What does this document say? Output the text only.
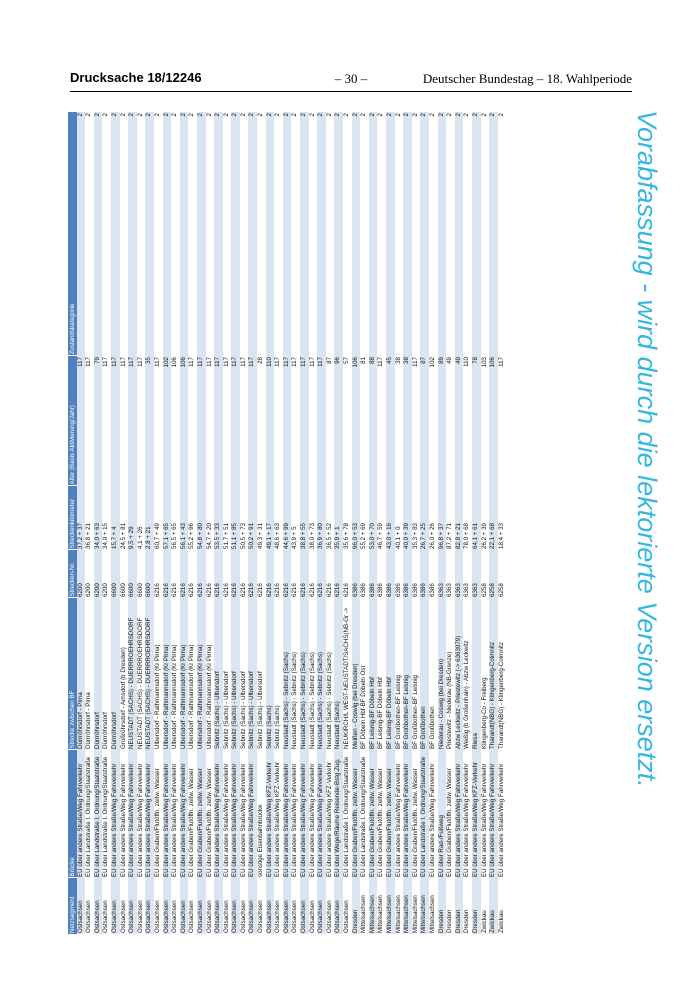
Drucksache 18/12246	– 30 –	Deutscher Bundestag – 18. Wahlperiode
Netzsegment	Brücke	Strecke zwischen BF	Strecken-Nr.	Streckenkilometer	Alter (Basis Aktivierung/Jahr)	Zustandskategorie
Ostsachsen	EÜ über andere Straße/Weg Fahrverkehr	Dürrröhrsdorf - Pirna	6200	37,2 + 37	117	2
Ostsachsen	EÜ über Landstraße I. Ordnung/Staatstraße	Dürrröhrsdorf - Pirna	6200	36,8 + 21	117	2
Ostsachsen	EÜ über Landstraße I. Ordnung/Staatstraße	Dürrröhrsdorf	6200	34,0 + 63	79	2
Ostsachsen	EÜ über Landstraße I. Ordnung/Staatstraße	Dürrröhrsdorf	6200	34,0 + 15	117	2
Ostsachsen	EÜ über andere Straße/Weg Fahrverkehr	Dürrröhrsdorf	6600	15,7 + 4	117	2
Ostsachsen	EÜ über andere Straße/Weg Fahrverkehr	Großröhrsdorf - Arnsdorf (b Dresden)	6600	24,5 + 81	117	2
Ostsachsen	EÜ über andere Straße/Weg Fahrverkehr	NEUSTADT (SACHS) - DUERRROEHRSDORF	6600	9,5 + 29	117	2
Ostsachsen	EÜ über andere Straße/Weg Fahrverkehr	NEUSTADT (SACHS) - DUERRROEHRSDORF	6600	4,1 + 26	117	2
Ostsachsen	EÜ über andere Straße/Weg Fahrverkehr	NEUSTADT (SACHS) - DUERRROEHRSDORF	6600	2,8 + 21	35	2
Ostsachsen	EÜ über Graben/Flutöffn. zeitw. Wasser	Ulbersdorf - Rathmannsdorf (Kr Pirna)	6216	60,7 + 49	117	2
Ostsachsen	EÜ über andere Straße/Weg Fahrverkehr	Ulbersdorf - Rathmannsdorf (Kr Pirna)	6216	57,1 + 65	102	2
Ostsachsen	EÜ über andere Straße/Weg Fahrverkehr	Ulbersdorf - Rathmannsdorf (Kr Pirna)	6216	56,5 + 65	106	2
Ostsachsen	EÜ über andere Straße/Weg Fahrverkehr	Ulbersdorf - Rathmannsdorf (Kr Pirna)	6216	56,1 + 43	106	2
Ostsachsen	EÜ über Graben/Flutöffn. zeitw. Wasser	Ulbersdorf - Rathmannsdorf (Kr Pirna)	6216	55,2 + 96	117	2
Ostsachsen	EÜ über Graben/Flutöffn. zeitw. Wasser	Ulbersdorf - Rathmannsdorf (Kr Pirna)	6216	54,8 + 80	117	2
Ostsachsen	EÜ über Graben/Flutöffn. zeitw. Wasser	Ulbersdorf - Rathmannsdorf (Kr Pirna)	6216	54,7 + 20	117	2
Ostsachsen	EÜ über andere Straße/Weg Fahrverkehr	Sebnitz (Sachs) - Ulbersdorf	6216	53,5 + 33	117	2
Ostsachsen	EÜ über andere Straße/Weg Fahrverkehr	Sebnitz (Sachs) - Ulbersdorf	6216	51,7 + 51	117	2
Ostsachsen	EÜ über andere Straße/Weg Fahrverkehr	Sebnitz (Sachs) - Ulbersdorf	6216	51,1 + 85	117	2
Ostsachsen	EÜ über andere Straße/Weg Fahrverkehr	Sebnitz (Sachs) - Ulbersdorf	6216	50,5 + 73	117	2
Ostsachsen	EÜ über andere Straße/Weg Fahrverkehr	Sebnitz (Sachs) - Ulbersdorf	6216	50,2 + 91	117	2
Ostsachsen	sonstige Eisenbahnbrücke	Sebnitz (Sachs) - Ulbersdorf	6216	49,3 + 31	28	2
Ostsachsen	EÜ über andere Straße/Weg KFZ-Verkehr	Sebnitz (Sachs)	6216	49,1 + 17	110	2
Ostsachsen	EÜ über andere Straße/Weg KFZ-Verkehr	Sebnitz (Sachs)	6216	48,6 + 63	117	2
Ostsachsen	EÜ über andere Straße/Weg Fahrverkehr	Neustadt (Sachs) - Sebnitz (Sachs)	6216	44,6 + 99	117	2
Ostsachsen	EÜ über andere Straße/Weg Fahrverkehr	Neustadt (Sachs) - Sebnitz (Sachs)	6216	43,9 + 5	117	2
Ostsachsen	EÜ über andere Straße/Weg Fahrverkehr	Neustadt (Sachs) - Sebnitz (Sachs)	6216	38,8 + 55	117	2
Ostsachsen	EÜ über andere Straße/Weg Fahrverkehr	Neustadt (Sachs) - Sebnitz (Sachs)	6216	38,0 + 73	117	2
Ostsachsen	EÜ über andere Straße/Weg Fahrverkehr	Neustadt (Sachs) - Sebnitz (Sachs)	6216	36,9 + 80	117	2
Ostsachsen	EÜ über andere Straße/Weg KFZ-Verkehr	Neustadt (Sachs) - Sebnitz (Sachs)	6216	36,5 + 52	87	2
Ostsachsen	EÜ über Wege/Räume Reisende-Bstg.Zug.	Neustadt (Sachs)	6216	35,9 + 1	96	2
Ostsachsen	EÜ über Landstraße I. Ordnung/Staatstraße	NEUKIRCH/L WEST-NEUSTADT/SACHS(NB-Gr ->	6216	35,6 + 78	57	2
Dresden	EÜ über Graben/Flutöffn. zeitw. Wasser	Meißen - Coswig (bei Dresden)	6386	96,0 + 53	106	2
Mittelsachsen	EÜ über Landstraße I. Ordnung/Staatstraße	BF Döbeln Hbf-BF Döbeln Ost	6386	55,2 + 69	81	2
Mittelsachsen	EÜ über Graben/Flutöffn. zeitw. Wasser	BF Leisnig-BF Döbeln Hbf	6386	53,0 + 70	88	2
Mittelsachsen	EÜ über Graben/Flutöffn. zeitw. Wasser	BF Leisnig-BF Döbeln Hbf	6386	46,7 + 59	117	2
Mittelsachsen	EÜ über Graben/Flutöffn. zeitw. Wasser	BF Leisnig-BF Döbeln Hbf	6386	43,0 + 16	45	2
Mittelsachsen	EÜ über andere Straße/Weg Fahrverkehr	BF Großbothen-BF Leisnig	6386	40,1 + 0	38	2
Mittelsachsen	EÜ über andere Straße/Weg Fahrverkehr	BF Großbothen-BF Leisnig	6386	40,0 + 39	38	2
Mittelsachsen	EÜ über Graben/Flutöffn. zeitw. Wasser	BF Großbothen-BF Leisnig	6386	35,3 + 83	117	2
Mittelsachsen	EÜ über Landstraße I. Ordnung/Staatstraße	BF Großbothen	6386	26,7 + 25	87	2
Mittelsachsen	EÜ über andere Straße/Weg Fahrverkehr	BF Großbothen	6386	26,0 + 26	102	2
Dresden	EÜ über Rad-/Fußweg	Niederau - Coswig (bei Dresden)	6363	96,8 + 37	89	2
Dresden	EÜ über Graben/Flutöffn. zeitw. Wasser	Priestewitz - Niederau (NB-Grenze)	6363	87,2 + 71	49	2
Dresden	EÜ über andere Straße/Weg Fahrverkehr	Abzw Leckwitz - Priestewitz (-> 6363079)	6363	82,8 + 21	49	2
Dresden	EÜ über andere Straße/Weg Fahrverkehr	Weißig (b Großenhain) - Abzw Leckwitz	6363	78,0 + 68	110	2
Dresden	EÜ über andere Straße/Weg KFZ-Verkehr	Riesa	6363	64,1 + 61	78	2
Zwickau	EÜ über andere Straße/Weg Fahrverkehr	Klingenberg-Co - Freiberg	6258	26,2 + 39	103	2
Zwickau	EÜ über andere Straße/Weg Fahrverkehr	Tharandt(NBG) - Klingenberg-Colmnitz	6258	22,1 + 68	106	2
Zwickau	EÜ über andere Straße/Weg Fahrverkehr	Tharandt(NBG) - Klingenberg-Colmnitz	6258	18,4 + 33	117	2	Vorabfassung - wird durch die lektorierte Version ersetzt.
